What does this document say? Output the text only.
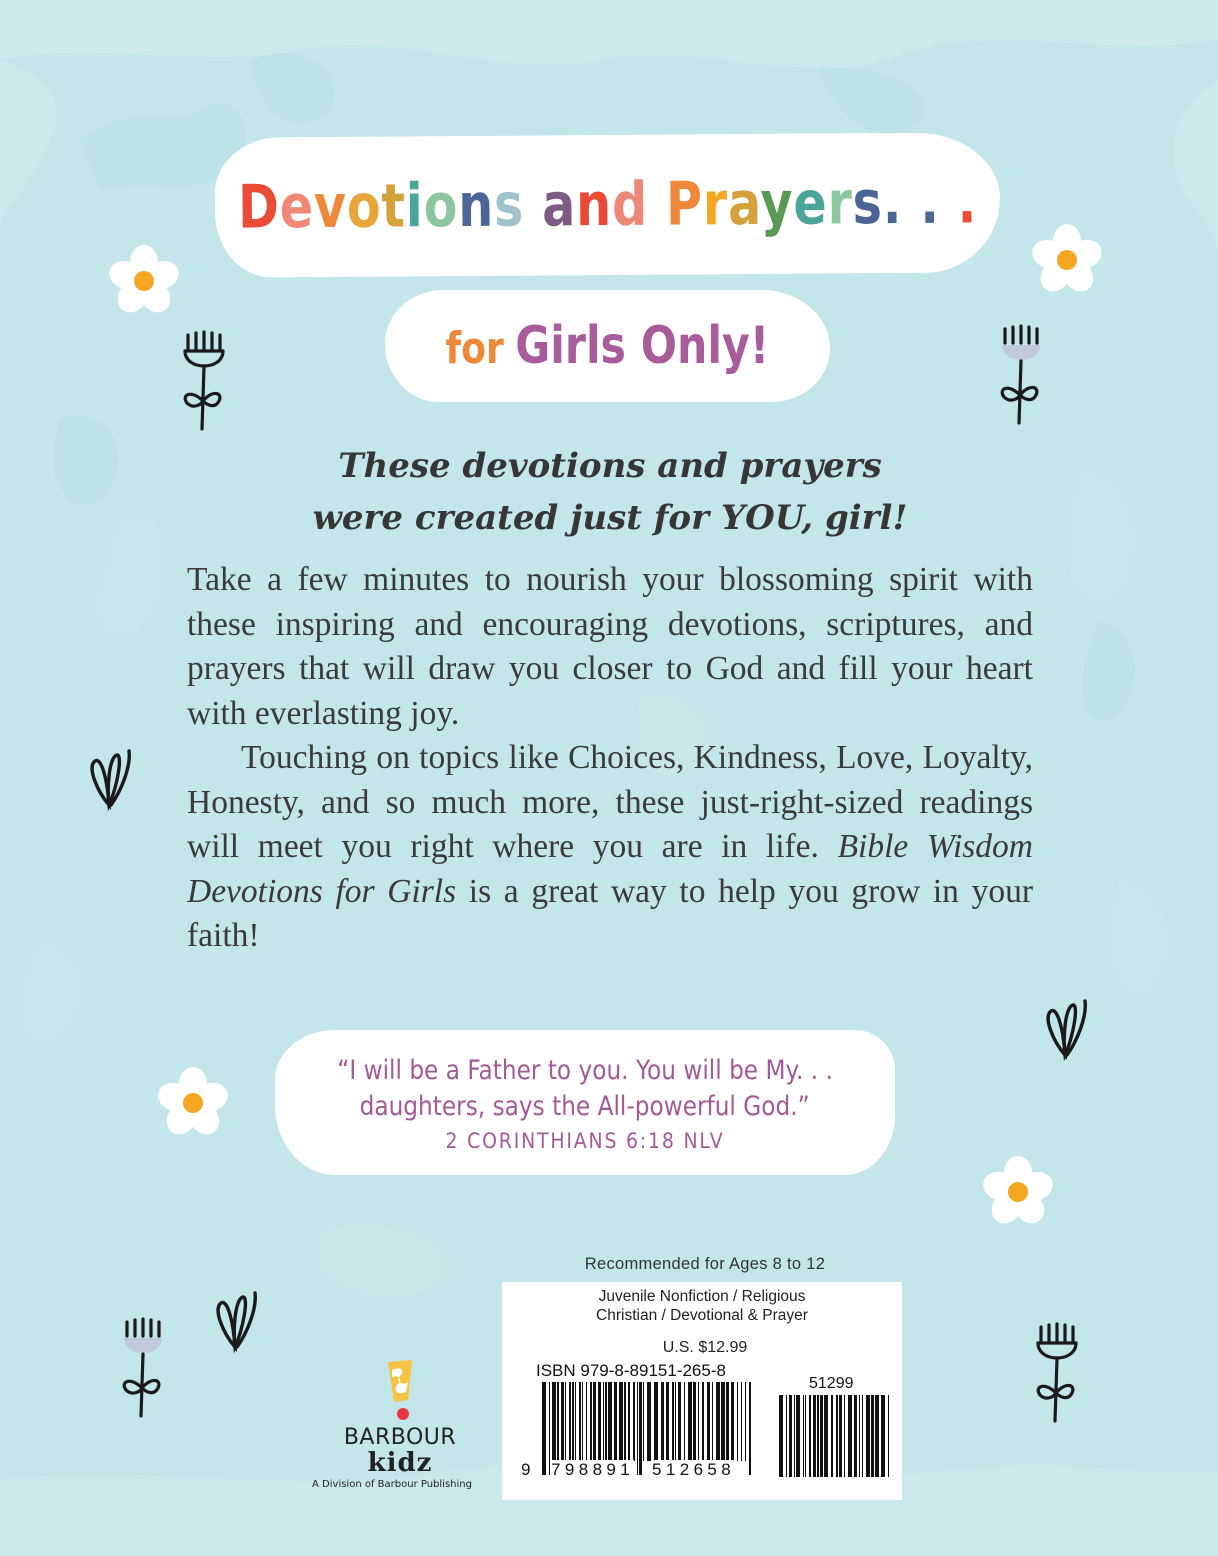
Devotions and Prayers. . .
for Girls Only!
These devotions and prayers
were created just for YOU, girl!

Take a few minutes to nourish your blossoming spirit with these inspiring and encouraging devotions, scriptures, and prayers that will draw you closer to God and fill your heart with everlasting joy.

Touching on topics like Choices, Kindness, Love, Loyalty, Honesty, and so much more, these just-right-sized readings will meet you right where you are in life. Bible Wisdom Devotions for Girls is a great way to help you grow in your faith!

“I will be a Father to you. You will be My. . .
daughters, says the All-powerful God.”
2 CORINTHIANS 6:18 NLV
Recommended for Ages 8 to 12
Juvenile Nonfiction / Religious
Christian / Devotional & Prayer
U.S. $12.99
ISBN 979-8-89151-265-8
9 798891 512658
51299
BARBOUR
kidz
A Division of Barbour Publishing
